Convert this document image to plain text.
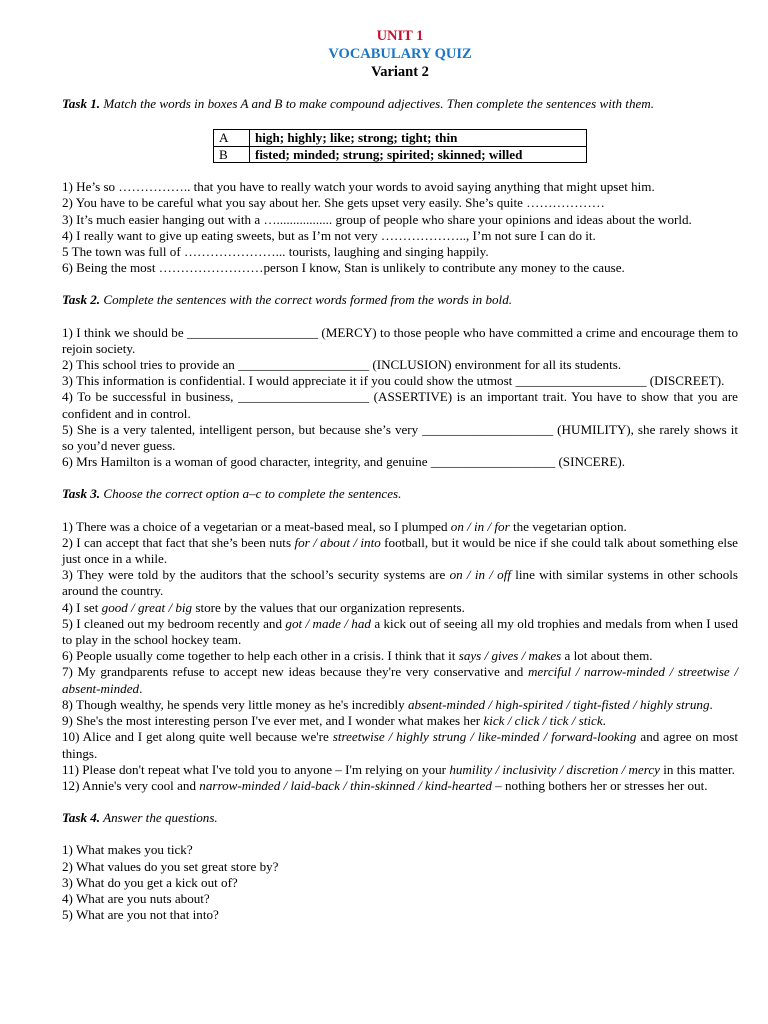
UNIT 1
VOCABULARY QUIZ
Variant 2
Task 1. Match the words in boxes A and B to make compound adjectives. Then complete the sentences with them.
A	high; highly; like; strong; tight; thin
B	fisted; minded; strung; spirited; skinned; willed
1) He’s so …………….. that you have to really watch your words to avoid saying anything that might upset him.
2) You have to be careful what you say about her. She gets upset very easily. She’s quite ………………
3) It’s much easier hanging out with a …................. group of people who share your opinions and ideas about the world.
4) I really want to give up eating sweets, but as I’m not very ……………….., I’m not sure I can do it.
5 The town was full of …………………... tourists, laughing and singing happily.
6) Being the most ……………………person I know, Stan is unlikely to contribute any money to the cause.
Task 2. Complete the sentences with the correct words formed from the words in bold.
1) I think we should be ____________________ (MERCY) to those people who have committed a crime and encourage them to rejoin society.
2) This school tries to provide an ____________________ (INCLUSION) environment for all its students.
3) This information is confidential. I would appreciate it if you could show the utmost ____________________ (DISCREET).
4) To be successful in business, ____________________ (ASSERTIVE) is an important trait. You have to show that you are confident and in control.
5) She is a very talented, intelligent person, but because she’s very ____________________ (HUMILITY), she rarely shows it so you’d never guess.
6) Mrs Hamilton is a woman of good character, integrity, and genuine ___________________ (SINCERE).
Task 3. Choose the correct option a–c to complete the sentences.
1) There was a choice of a vegetarian or a meat-based meal, so I plumped on / in / for the vegetarian option.
2) I can accept that fact that she’s been nuts for / about / into football, but it would be nice if she could talk about something else just once in a while.
3) They were told by the auditors that the school’s security systems are on / in / off line with similar systems in other schools around the country.
4) I set good / great / big store by the values that our organization represents.
5) I cleaned out my bedroom recently and got / made / had a kick out of seeing all my old trophies and medals from when I used to play in the school hockey team.
6) People usually come together to help each other in a crisis. I think that it says / gives / makes a lot about them.
7) My grandparents refuse to accept new ideas because they're very conservative and merciful / narrow-minded / streetwise / absent-minded.
8) Though wealthy, he spends very little money as he's incredibly absent-minded / high-spirited / tight-fisted / highly strung.
9) She's the most interesting person I've ever met, and I wonder what makes her kick / click / tick / stick.
10) Alice and I get along quite well because we're streetwise / highly strung / like-minded / forward-looking and agree on most things.
11) Please don't repeat what I've told you to anyone – I'm relying on your humility / inclusivity / discretion / mercy in this matter.
12) Annie's very cool and narrow-minded / laid-back / thin-skinned / kind-hearted – nothing bothers her or stresses her out.
Task 4. Answer the questions.
1) What makes you tick?
2) What values do you set great store by?
3) What do you get a kick out of?
4) What are you nuts about?
5) What are you not that into?
